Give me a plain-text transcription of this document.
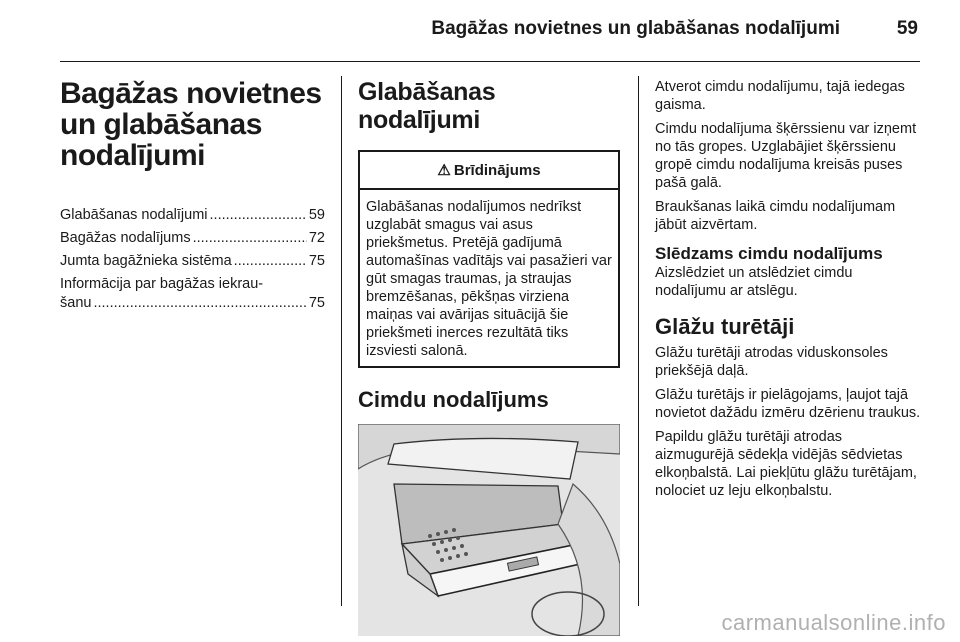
Bagāžas novietnes un glabāšanas nodalījumi	59
Bagāžas novietnes un glabāšanas nodalījumi
Glabāšanas nodalījumi .....	59
Bagāžas nodalījums .....	72
Jumta bagāžnieka sistēma .....	75
Informācija par bagāžas iekrau-
šanu .....	75
Glabāšanas nodalījumi
⚠ Brīdinājums
Glabāšanas nodalījumos nedrīkst uzglabāt smagus vai asus priekšmetus. Pretējā gadījumā automašīnas vadītājs vai pasažieri var gūt smagas traumas, ja straujas bremzēšanas, pēkšņas virziena maiņas vai avārijas situācijā šie priekšmeti inerces rezultātā tiks izsviesti salonā.
Cimdu nodalījums

Atverot cimdu nodalījumu, tajā iedegas gaisma.

Cimdu nodalījuma šķērssienu var izņemt no tās gropes. Uzglabājiet šķērssienu gropē cimdu nodalījuma kreisās puses pašā galā.

Braukšanas laikā cimdu nodalījumam jābūt aizvērtam.

Slēdzams cimdu nodalījums

Aizslēdziet un atslēdziet cimdu nodalījumu ar atslēgu.

Glāžu turētāji

Glāžu turētāji atrodas viduskonsoles priekšējā daļā.

Glāžu turētājs ir pielāgojams, ļaujot tajā novietot dažādu izmēru dzērienu traukus.

Papildu glāžu turētāji atrodas aizmugurējā sēdekļa vidējās sēdvietas elkoņbalstā. Lai piekļūtu glāžu turētājam, nolociet uz leju elkoņbalstu.

carmanualsonline.info
